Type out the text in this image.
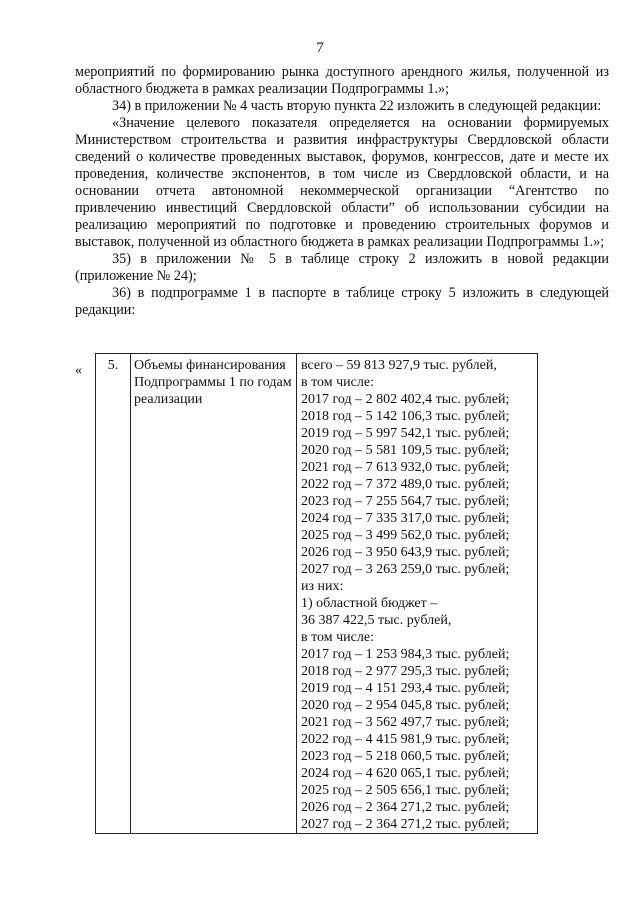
7

мероприятий по формированию рынка доступного арендного жилья, полученной из областного бюджета в рамках реализации Подпрограммы 1.»;

34) в приложении № 4 часть вторую пункта 22 изложить в следующей редакции:

«Значение целевого показателя определяется на основании формируемых Министерством строительства и развития инфраструктуры Свердловской области сведений о количестве проведенных выставок, форумов, конгрессов, дате и месте их проведения, количестве экспонентов, в том числе из Свердловской области, и на основании отчета автономной некоммерческой организации “Агентство по привлечению инвестиций Свердловской области” об использовании субсидии на реализацию мероприятий по подготовке и проведению строительных форумов и выставок, полученной из областного бюджета в рамках реализации Подпрограммы 1.»;

35) в приложении № 5 в таблице строку 2 изложить в новой редакции (приложение № 24);

36) в подпрограмме 1 в паспорте в таблице строку 5 изложить в следующей редакции:

« 5.	Объемы финансирования Подпрограммы 1 по годам реализации	
всего – 59 813 927,9 тыс. рублей,
в том числе:
2017 год – 2 802 402,4 тыс. рублей;
2018 год – 5 142 106,3 тыс. рублей;
2019 год – 5 997 542,1 тыс. рублей;
2020 год – 5 581 109,5 тыс. рублей;
2021 год – 7 613 932,0 тыс. рублей;
2022 год – 7 372 489,0 тыс. рублей;
2023 год – 7 255 564,7 тыс. рублей;
2024 год – 7 335 317,0 тыс. рублей;
2025 год – 3 499 562,0 тыс. рублей;
2026 год – 3 950 643,9 тыс. рублей;
2027 год – 3 263 259,0 тыс. рублей;
из них:
1) областной бюджет –
36 387 422,5 тыс. рублей,
в том числе:
2017 год – 1 253 984,3 тыс. рублей;
2018 год – 2 977 295,3 тыс. рублей;
2019 год – 4 151 293,4 тыс. рублей;
2020 год – 2 954 045,8 тыс. рублей;
2021 год – 3 562 497,7 тыс. рублей;
2022 год – 4 415 981,9 тыс. рублей;
2023 год – 5 218 060,5 тыс. рублей;
2024 год – 4 620 065,1 тыс. рублей;
2025 год – 2 505 656,1 тыс. рублей;
2026 год – 2 364 271,2 тыс. рублей;
2027 год – 2 364 271,2 тыс. рублей;
